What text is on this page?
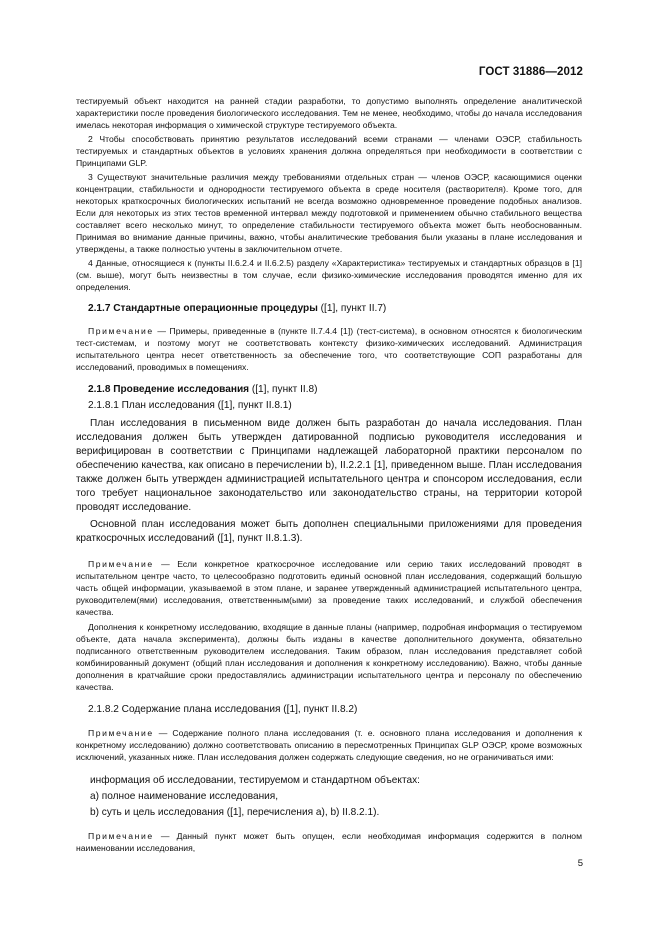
ГОСТ 31886—2012

тестируемый объект находится на ранней стадии разработки, то допустимо выполнять определение аналитической характеристики после проведения биологического исследования. Тем не менее, необходимо, чтобы до начала исследования имелась некоторая информация о химической структуре тестируемого объекта.

2 Чтобы способствовать принятию результатов исследований всеми странами — членами ОЭСР, стабильность тестируемых и стандартных объектов в условиях хранения должна определяться при необходимости в соответствии с Принципами GLP.

3 Существуют значительные различия между требованиями отдельных стран — членов ОЭСР, касающимися оценки концентрации, стабильности и однородности тестируемого объекта в среде носителя (растворителя). Кроме того, для некоторых краткосрочных биологических испытаний не всегда возможно одновременное проведение подобных анализов. Если для некоторых из этих тестов временной интервал между подготовкой и применением обычно стабильного вещества составляет всего несколько минут, то определение стабильности тестируемого объекта может быть необоснованным. Принимая во внимание данные причины, важно, чтобы аналитические требования были указаны в плане исследования и утверждены, а также полностью учтены в заключительном отчете.

4 Данные, относящиеся к (пункты II.6.2.4 и II.6.2.5) разделу «Характеристика» тестируемых и стандартных образцов в [1] (см. выше), могут быть неизвестны в том случае, если физико-химические исследования проводятся именно для их определения.

2.1.7 Стандартные операционные процедуры ([1], пункт II.7)

Примечание — Примеры, приведенные в (пункте II.7.4.4 [1]) (тест-система), в основном относятся к биологическим тест-системам, и поэтому могут не соответствовать контексту физико-химических исследований. Администрация испытательного центра несет ответственность за обеспечение того, что соответствующие СОП разработаны для исследований, проводимых в помещениях.

2.1.8 Проведение исследования ([1], пункт II.8)
2.1.8.1 План исследования ([1], пункт II.8.1)

План исследования в письменном виде должен быть разработан до начала исследования. План исследования должен быть утвержден датированной подписью руководителя исследования и верифицирован в соответствии с Принципами надлежащей лабораторной практики персоналом по обеспечению качества, как описано в перечислении b), II.2.2.1 [1], приведенном выше. План исследования также должен быть утвержден администрацией испытательного центра и спонсором исследования, если того требует национальное законодательство или законодательство страны, на территории которой проводят исследование.

Основной план исследования может быть дополнен специальными приложениями для проведения краткосрочных исследований ([1], пункт II.8.1.3).

Примечание — Если конкретное краткосрочное исследование или серию таких исследований проводят в испытательном центре часто, то целесообразно подготовить единый основной план исследования, содержащий большую часть общей информации, указываемой в этом плане, и заранее утвержденный администрацией испытательного центра, руководителем(ями) исследования, ответственным(ыми) за проведение таких исследований, и службой обеспечения качества.

Дополнения к конкретному исследованию, входящие в данные планы (например, подробная информация о тестируемом объекте, дата начала эксперимента), должны быть изданы в качестве дополнительного документа, обязательно подписанного ответственным руководителем исследования. Таким образом, план исследования представляет собой комбинированный документ (общий план исследования и дополнения к конкретному исследованию). Важно, чтобы данные дополнения в кратчайшие сроки предоставлялись администрации испытательного центра и персоналу по обеспечению качества.

2.1.8.2 Содержание плана исследования ([1], пункт II.8.2)

Примечание — Содержание полного плана исследования (т. е. основного плана исследования и дополнения к конкретному исследованию) должно соответствовать описанию в пересмотренных Принципах GLP ОЭСР, кроме возможных исключений, указанных ниже. План исследования должен содержать следующие сведения, но не ограничиваться ими:

информация об исследовании, тестируемом и стандартном объектах:

a) полное наименование исследования,

b) суть и цель исследования ([1], перечисления a), b) II.8.2.1).

Примечание — Данный пункт может быть опущен, если необходимая информация содержится в полном наименовании исследования,

5
